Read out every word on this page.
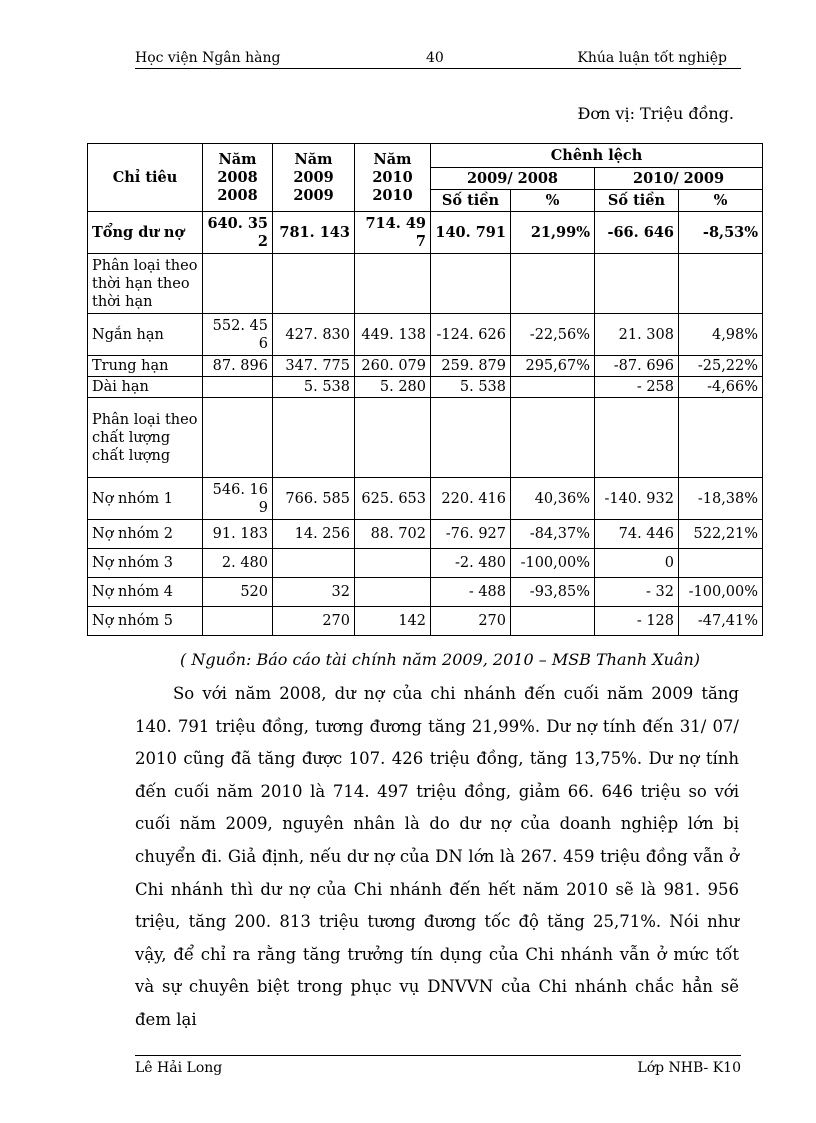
Học viện Ngân hàng	40	Khúa luận tốt nghiệp
Đơn vị: Triệu đồng.
Chỉ tiêu	Năm 2008 2008	Năm 2009 2009	Năm 2010 2010	Chênh lệch			
				2009/ 2008		2010/ 2009	
				Số tiền	%	Số tiền	%
Tổng dư nợ	640. 352	781. 143	714. 497	140. 791	21,99%	-66. 646	-8,53%
Phân loại theo thời hạn theo thời hạn							
Ngắn hạn	552. 456	427. 830	449. 138	-124. 626	-22,56%	21. 308	4,98%
Trung hạn	87. 896	347. 775	260. 079	259. 879	295,67%	-87. 696	-25,22%
Dài hạn		5. 538	5. 280	5. 538		- 258	-4,66%
Phân loại theo chất lượng chất lượng							
Nợ nhóm 1	546. 169	766. 585	625. 653	220. 416	40,36%	-140. 932	-18,38%
Nợ nhóm 2	91. 183	14. 256	88. 702	-76. 927	-84,37%	74. 446	522,21%
Nợ nhóm 3	2. 480			-2. 480	-100,00%	0	
Nợ nhóm 4	520	32		- 488	-93,85%	- 32	-100,00%
Nợ nhóm 5		270	142	270		- 128	-47,41%
( Nguồn: Báo cáo tài chính năm 2009, 2010 – MSB Thanh Xuân)
So với năm 2008, dư nợ của chi nhánh đến cuối năm 2009 tăng 140. 791 triệu đồng, tương đương tăng 21,99%. Dư nợ tính đến 31/ 07/ 2010 cũng đã tăng được 107. 426 triệu đồng, tăng 13,75%. Dư nợ tính đến cuối năm 2010 là 714. 497 triệu đồng, giảm 66. 646 triệu so với cuối năm 2009, nguyên nhân là do dư nợ của doanh nghiệp lớn bị chuyển đi. Giả định, nếu dư nợ của DN lớn là 267. 459 triệu đồng vẫn ở Chi nhánh thì dư nợ của Chi nhánh đến hết năm 2010 sẽ là 981. 956 triệu, tăng 200. 813 triệu tương đương tốc độ tăng 25,71%. Nói như vậy, để chỉ ra rằng tăng trưởng tín dụng của Chi nhánh vẫn ở mức tốt và sự chuyên biệt trong phục vụ DNVVN của Chi nhánh chắc hẳn sẽ đem lại
Lê Hải Long	Lớp NHB- K10
